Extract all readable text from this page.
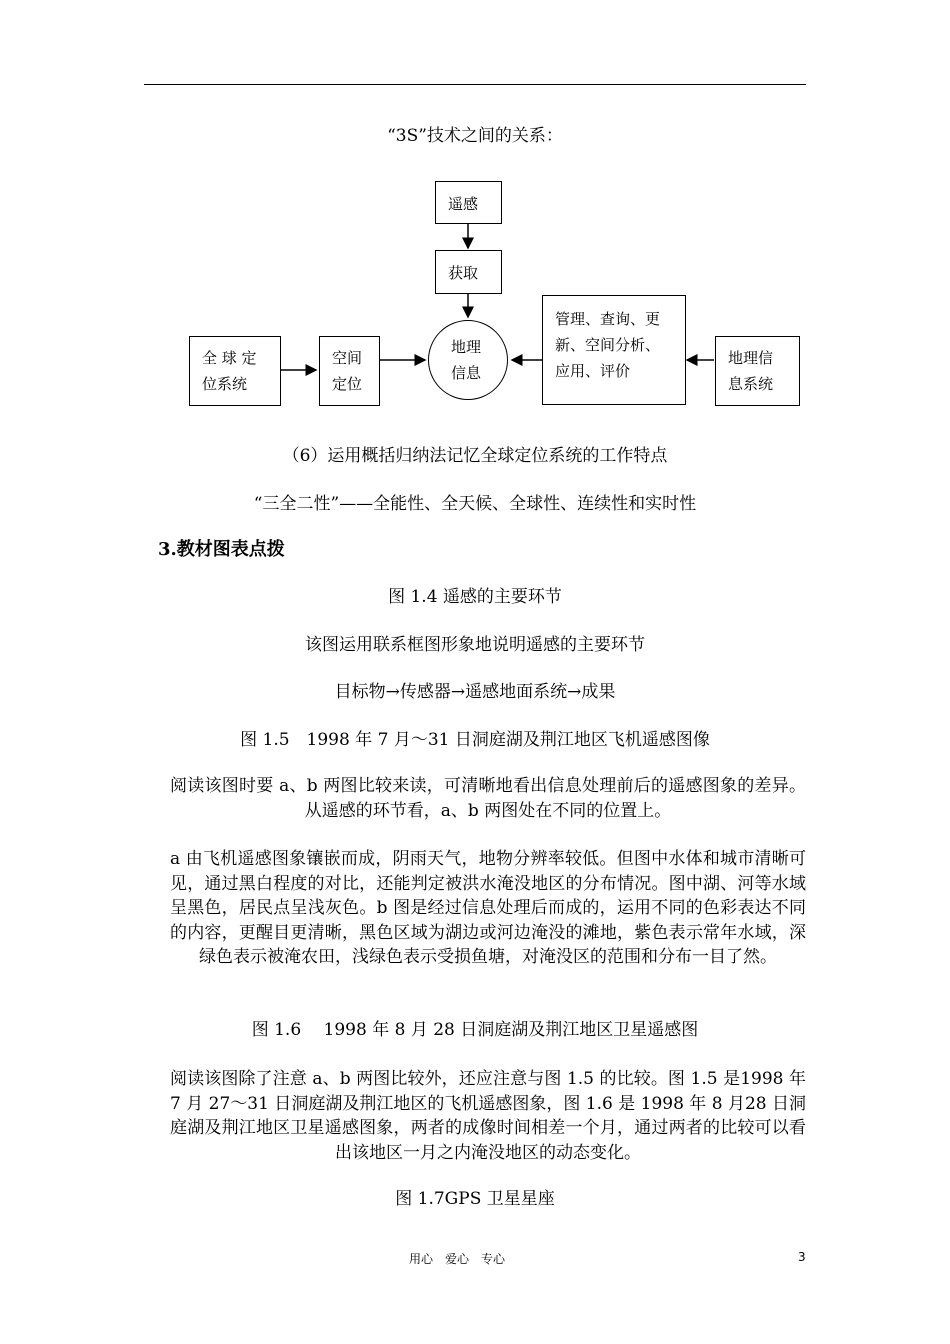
“3S”技术之间的关系：
遥感
获取
全 球 定
位系统
空间
定位
地理
信息
管理、查询、更
新、空间分析、
应用、评价
地理信
息系统
（6）运用概括归纳法记忆全球定位系统的工作特点
“三全二性”——全能性、全天候、全球性、连续性和实时性
3.教材图表点拨
图 1.4 遥感的主要环节
该图运用联系框图形象地说明遥感的主要环节
目标物→传感器→遥感地面系统→成果
图 1.5　1998 年 7 月～31 日洞庭湖及荆江地区飞机遥感图像
阅读该图时要 a、b 两图比较来读，可清晰地看出信息处理前后的遥感图象的差异。从遥感的环节看，a、b 两图处在不同的位置上。
a 由飞机遥感图象镶嵌而成，阴雨天气，地物分辨率较低。但图中水体和城市清晰可见，通过黑白程度的对比，还能判定被洪水淹没地区的分布情况。图中湖、河等水域呈黑色，居民点呈浅灰色。b 图是经过信息处理后而成的，运用不同的色彩表达不同的内容，更醒目更清晰，黑色区域为湖边或河边淹没的滩地，紫色表示常年水域，深绿色表示被淹农田，浅绿色表示受损鱼塘，对淹没区的范围和分布一目了然。
图 1.6　 1998 年 8 月 28 日洞庭湖及荆江地区卫星遥感图
阅读该图除了注意 a、b 两图比较外，还应注意与图 1.5 的比较。图 1.5 是1998 年 7 月 27～31 日洞庭湖及荆江地区的飞机遥感图象，图 1.6 是 1998 年 8 月28 日洞庭湖及荆江地区卫星遥感图象，两者的成像时间相差一个月，通过两者的比较可以看出该地区一月之内淹没地区的动态变化。
图 1.7GPS 卫星星座
用心　爱心　专心	3
